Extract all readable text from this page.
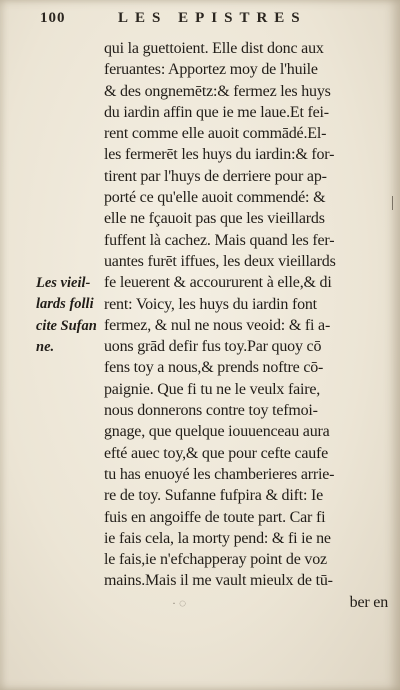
100	LES EPISTRES
qui la guettoient. Elle dist donc aux
feruantes: Apportez moy de l'huile
& des ongnemētz:& fermez les huys
du iardin affin que ie me laue.Et fei-
rent comme elle auoit commādé.El-
les fermerēt les huys du iardin:& for-
tirent par l'huys de derriere pour ap-
porté ce qu'elle auoit commendé: &
elle ne fçauoit pas que les vieillards
fuffent là cachez. Mais quand les fer-
uantes furēt iffues, les deux vieillards
fe leuerent & accoururent à elle,& di
rent: Voicy, les huys du iardin font
fermez, & nul ne nous veoid: & fi a-
uons grād defir fus toy.Par quoy cō
fens toy a nous,& prends noftre cō-
paignie. Que fi tu ne le veulx faire,
nous donnerons contre toy tefmoi-
gnage, que quelque iouuenceau aura
efté auec toy,& que pour cefte caufe
tu has enuoyé les chamberieres arrie-
re de toy. Sufanne fufpira & dift: Ie
fuis en angoiffe de toute part. Car fi
ie fais cela, la morty pend: & fi ie ne
le fais,ie n'efchapperay point de voz
mains.Mais il me vault mieulx de tū-
ber en
Les vieil-
lards folli
cite Sufan
ne.
· ◌
